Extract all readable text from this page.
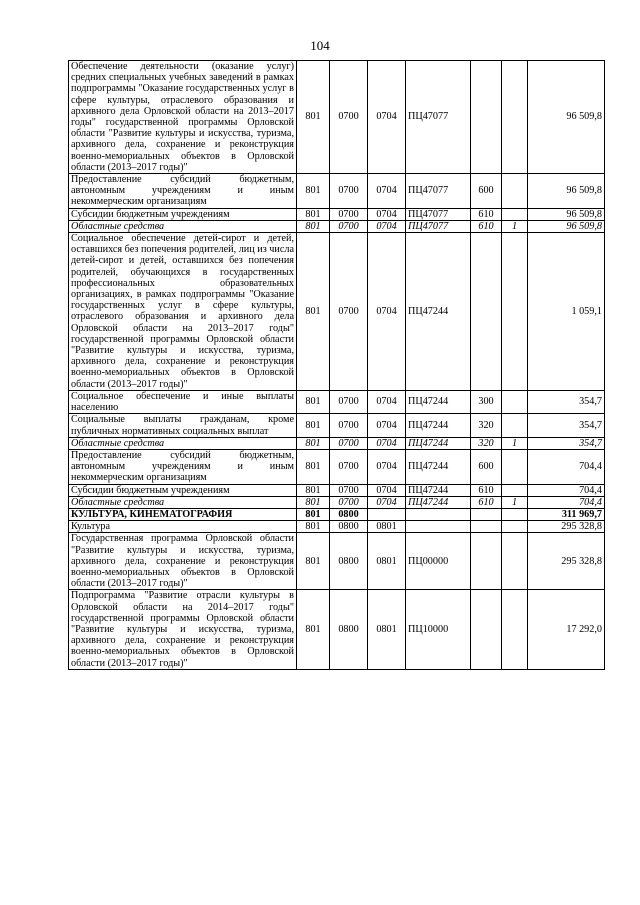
104
Обеспечение деятельности (оказание услуг) средних специальных учебных заведений в рамках подпрограммы "Оказание государственных услуг в сфере культуры, отраслевого образования и архивного дела Орловской области на 2013–2017 годы" государственной программы Орловской области "Развитие культуры и искусства, туризма, архивного дела, сохранение и реконструкция военно-мемориальных объектов в Орловской области (2013–2017 годы)"	801	0700	0704	ПЦ47077			96 509,8
Предоставление субсидий бюджетным, автономным учреждениям и иным некоммерческим организациям	801	0700	0704	ПЦ47077	600		96 509,8
Субсидии бюджетным учреждениям	801	0700	0704	ПЦ47077	610		96 509,8
Областные средства	801	0700	0704	ПЦ47077	610	1	96 509,8
Социальное обеспечение детей-сирот и детей, оставшихся без попечения родителей, лиц из числа детей-сирот и детей, оставшихся без попечения родителей, обучающихся в государственных профессиональных образовательных организациях, в рамках подпрограммы "Оказание государственных услуг в сфере культуры, отраслевого образования и архивного дела Орловской области на 2013–2017 годы" государственной программы Орловской области "Развитие культуры и искусства, туризма, архивного дела, сохранение и реконструкция военно-мемориальных объектов в Орловской области (2013–2017 годы)"	801	0700	0704	ПЦ47244			1 059,1
Социальное обеспечение и иные выплаты населению	801	0700	0704	ПЦ47244	300		354,7
Социальные выплаты гражданам, кроме публичных нормативных социальных выплат	801	0700	0704	ПЦ47244	320		354,7
Областные средства	801	0700	0704	ПЦ47244	320	1	354,7
Предоставление субсидий бюджетным, автономным учреждениям и иным некоммерческим организациям	801	0700	0704	ПЦ47244	600		704,4
Субсидии бюджетным учреждениям	801	0700	0704	ПЦ47244	610		704,4
Областные средства	801	0700	0704	ПЦ47244	610	1	704,4
КУЛЬТУРА, КИНЕМАТОГРАФИЯ	801	0800					311 969,7
Культура	801	0800	0801				295 328,8
Государственная программа Орловской области "Развитие культуры и искусства, туризма, архивного дела, сохранение и реконструкция военно-мемориальных объектов в Орловской области (2013–2017 годы)"	801	0800	0801	ПЦ00000			295 328,8
Подпрограмма "Развитие отрасли культуры в Орловской области на 2014–2017 годы" государственной программы Орловской области "Развитие культуры и искусства, туризма, архивного дела, сохранение и реконструкция военно-мемориальных объектов в Орловской области (2013–2017 годы)"	801	0800	0801	ПЦ10000			17 292,0
